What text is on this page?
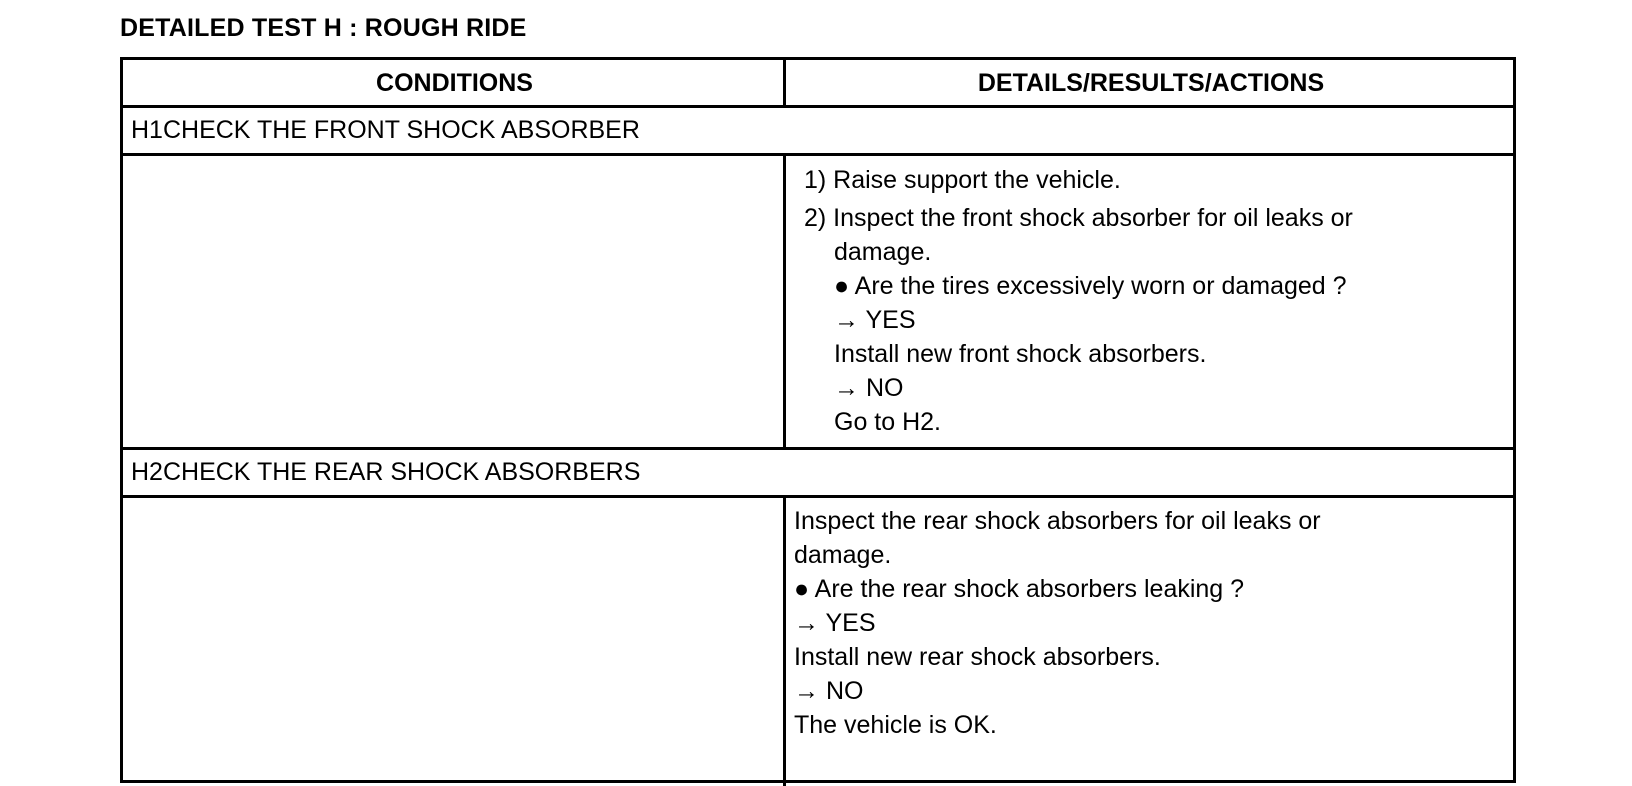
DETAILED TEST H : ROUGH RIDE
CONDITIONS	DETAILS/RESULTS/ACTIONS
H1CHECK THE FRONT SHOCK ABSORBER
1) Raise support the vehicle.
2) Inspect the front shock absorber for oil leaks or
damage.
● Are the tires excessively worn or damaged ?
→ YES
Install new front shock absorbers.
→ NO
Go to H2.
H2CHECK THE REAR SHOCK ABSORBERS
Inspect the rear shock absorbers for oil leaks or
damage.
● Are the rear shock absorbers leaking ?
→ YES
Install new rear shock absorbers.
→ NO
The vehicle is OK.
